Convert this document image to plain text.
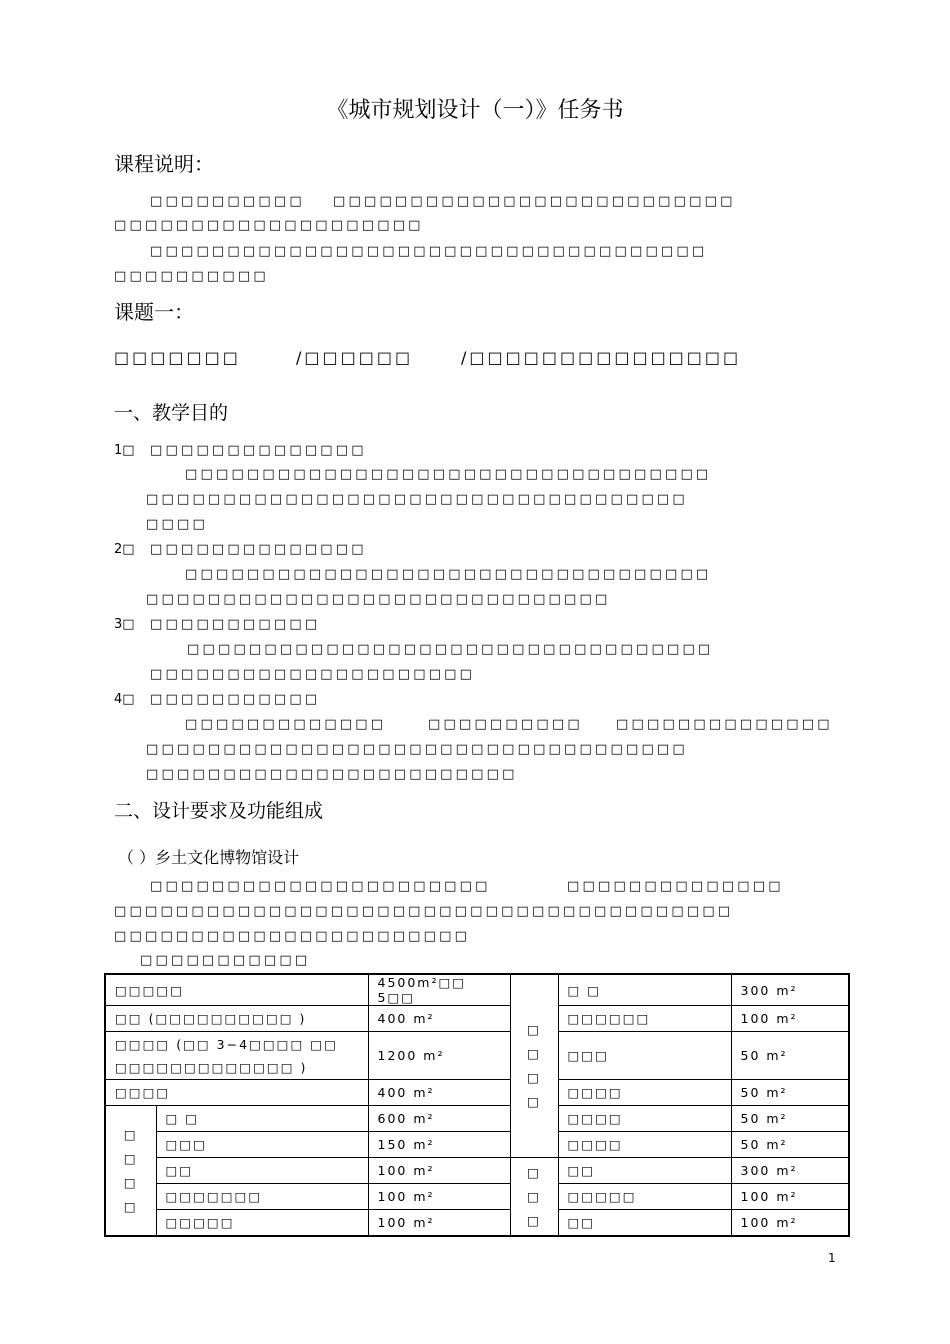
《城市规划设计（一）》任务书
课程说明：
□□□□□□□□□□ □□□□□□□□□□□□□□□□□□□□□□□□□□
□□□□□□□□□□□□□□□□□□□□
□□□□□□□□□□□□□□□□□□□□□□□□□□□□□□□□□□□□
□□□□□□□□□□
课题一：
□□□□□□□	/□□□□□□	/□□□□□□□□□□□□□□□
一、教学目的
1□ □□□□□□□□□□□□□□
□□□□□□□□□□□□□□□□□□□□□□□□□□□□□□□□□□
□□□□□□□□□□□□□□□□□□□□□□□□□□□□□□□□□□□
□□□□
2□ □□□□□□□□□□□□□□
□□□□□□□□□□□□□□□□□□□□□□□□□□□□□□□□□□
□□□□□□□□□□□□□□□□□□□□□□□□□□□□□□
3□ □□□□□□□□□□□
□□□□□□□□□□□□□□□□□□□□□□□□□□□□□□□□□□
□□□□□□□□□□□□□□□□□□□□□
4□ □□□□□□□□□□□
□□□□□□□□□□□□□	□□□□□□□□□□	□□□□□□□□□□□□□□
□□□□□□□□□□□□□□□□□□□□□□□□□□□□□□□□□□□
□□□□□□□□□□□□□□□□□□□□□□□□
二、设计要求及功能组成
（ ）乡土文化博物馆设计
□□□□□□□□□□□□□□□□□□□□□□	□□□□□□□□□□□□□□
□□□□□□□□□□□□□□□□□□□□□□□□□□□□□□□□□□□□□□□□
□□□□□□□□□□□□□□□□□□□□□□□
□□□□□□□□□□□
□□□□□		4500m²□□ 5□□	□□□□	□ □	300 m²
□□ (□□□□□□□□□□ )		400 m²		□□□□□□	100 m²

□□□□ (□□ 3−4□□□□ □□
□□□□□□□□□□□□□ )		1200 m²		□□□	50 m²
□□□□		400 m²		□□□□	50 m²
□□□□	□ □	600 m²		□□□□	50 m²
	□□□	150 m²		□□□□	50 m²
	□□	100 m²	□□□	□□	300 m²
	□□□□□□□	100 m²		□□□□□	100 m²
	□□□□□	100 m²		□□	100 m²
1
